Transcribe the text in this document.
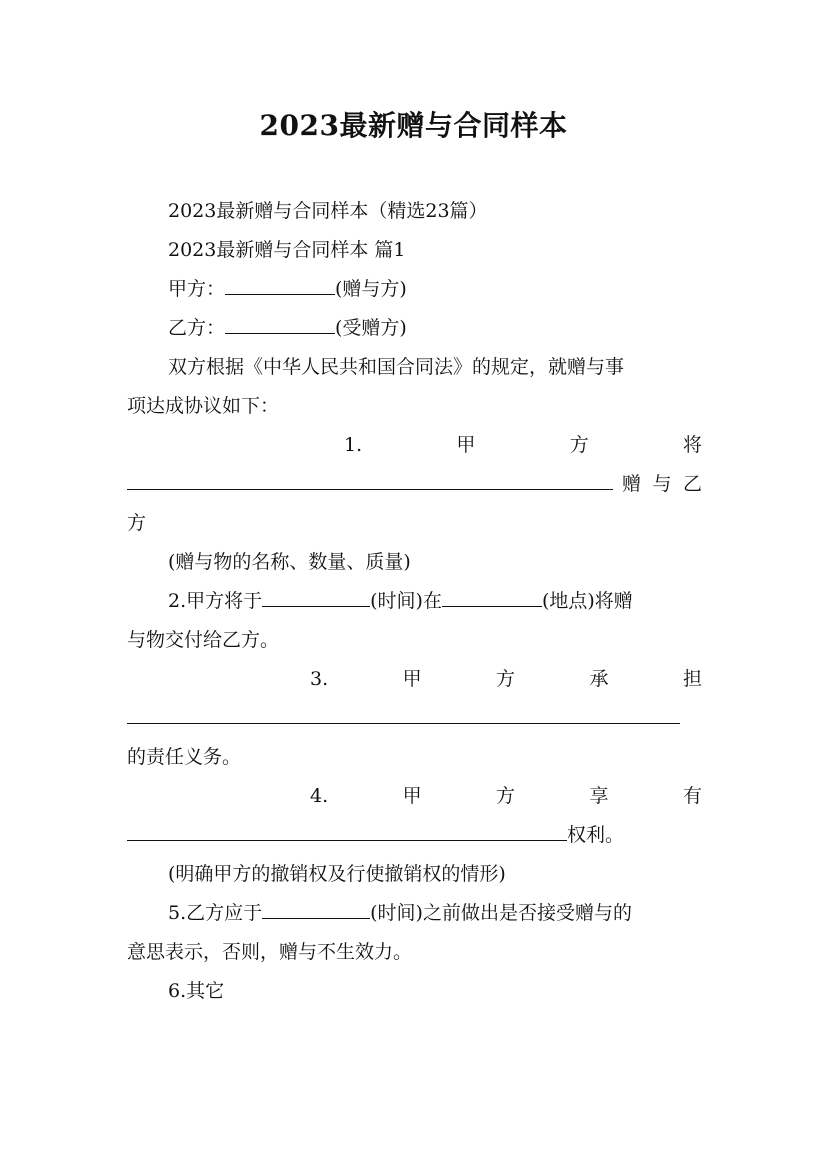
2023最新赠与合同样本
2023最新赠与合同样本（精选23篇）
2023最新赠与合同样本 篇1
甲方：	(赠与方)
乙方：	(受赠方)
双方根据《中华人民共和国合同法》的规定，就赠与事
项达成协议如下：
1.	甲	方	将
赠 与 乙
方
(赠与物的名称、数量、质量)
2.甲方将于	(时间)在	(地点)将赠
与物交付给乙方。
3.	甲	方	承	担
的责任义务。
4.	甲	方	享	有
权利。
(明确甲方的撤销权及行使撤销权的情形)
5.乙方应于	(时间)之前做出是否接受赠与的
意思表示，否则，赠与不生效力。
6.其它
